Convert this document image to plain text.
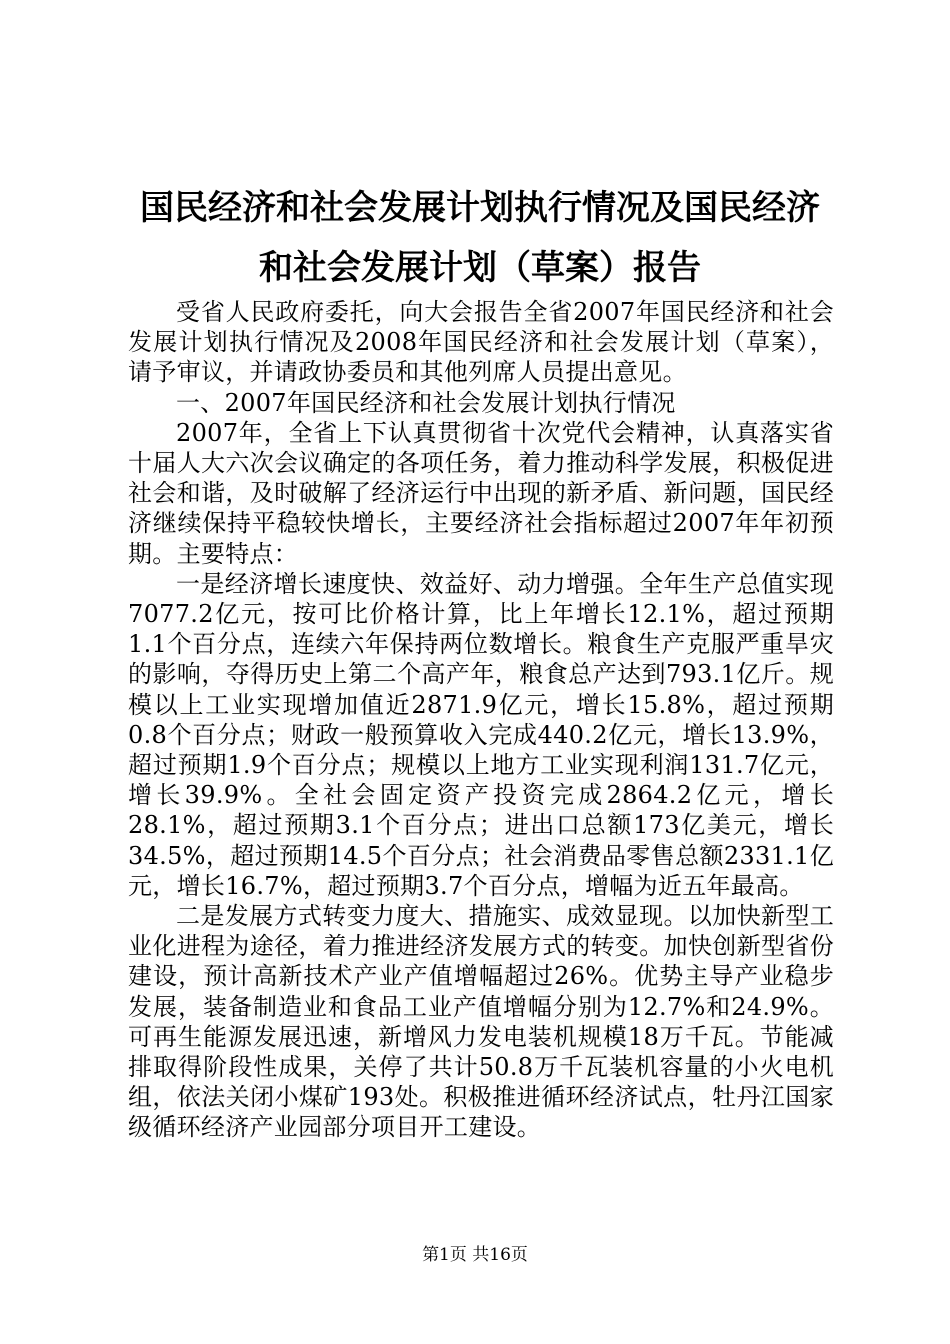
国民经济和社会发展计划执行情况及国民经济
和社会发展计划（草案）报告

受省人民政府委托，向大会报告全省2007年国民经济和社会发展计划执行情况及2008年国民经济和社会发展计划（草案），请予审议，并请政协委员和其他列席人员提出意见。

一、2007年国民经济和社会发展计划执行情况

2007年，全省上下认真贯彻省十次党代会精神，认真落实省十届人大六次会议确定的各项任务，着力推动科学发展，积极促进社会和谐，及时破解了经济运行中出现的新矛盾、新问题，国民经济继续保持平稳较快增长，主要经济社会指标超过2007年年初预期。主要特点：

一是经济增长速度快、效益好、动力增强。全年生产总值实现7077.2亿元，按可比价格计算，比上年增长12.1%，超过预期1.1个百分点，连续六年保持两位数增长。粮食生产克服严重旱灾的影响，夺得历史上第二个高产年，粮食总产达到793.1亿斤。规模以上工业实现增加值近2871.9亿元，增长15.8%，超过预期0.8个百分点；财政一般预算收入完成440.2亿元，增长13.9%，超过预期1.9个百分点；规模以上地方工业实现利润131.7亿元，增长39.9%。全社会固定资产投资完成2864.2亿元，增长28.1%，超过预期3.1个百分点；进出口总额173亿美元，增长34.5%，超过预期14.5个百分点；社会消费品零售总额2331.1亿元，增长16.7%，超过预期3.7个百分点，增幅为近五年最高。

二是发展方式转变力度大、措施实、成效显现。以加快新型工业化进程为途径，着力推进经济发展方式的转变。加快创新型省份建设，预计高新技术产业产值增幅超过26%。优势主导产业稳步发展，装备制造业和食品工业产值增幅分别为12.7%和24.9%。可再生能源发展迅速，新增风力发电装机规模18万千瓦。节能减排取得阶段性成果，关停了共计50.8万千瓦装机容量的小火电机组，依法关闭小煤矿193处。积极推进循环经济试点，牡丹江国家级循环经济产业园部分项目开工建设。

第1页 共16页
